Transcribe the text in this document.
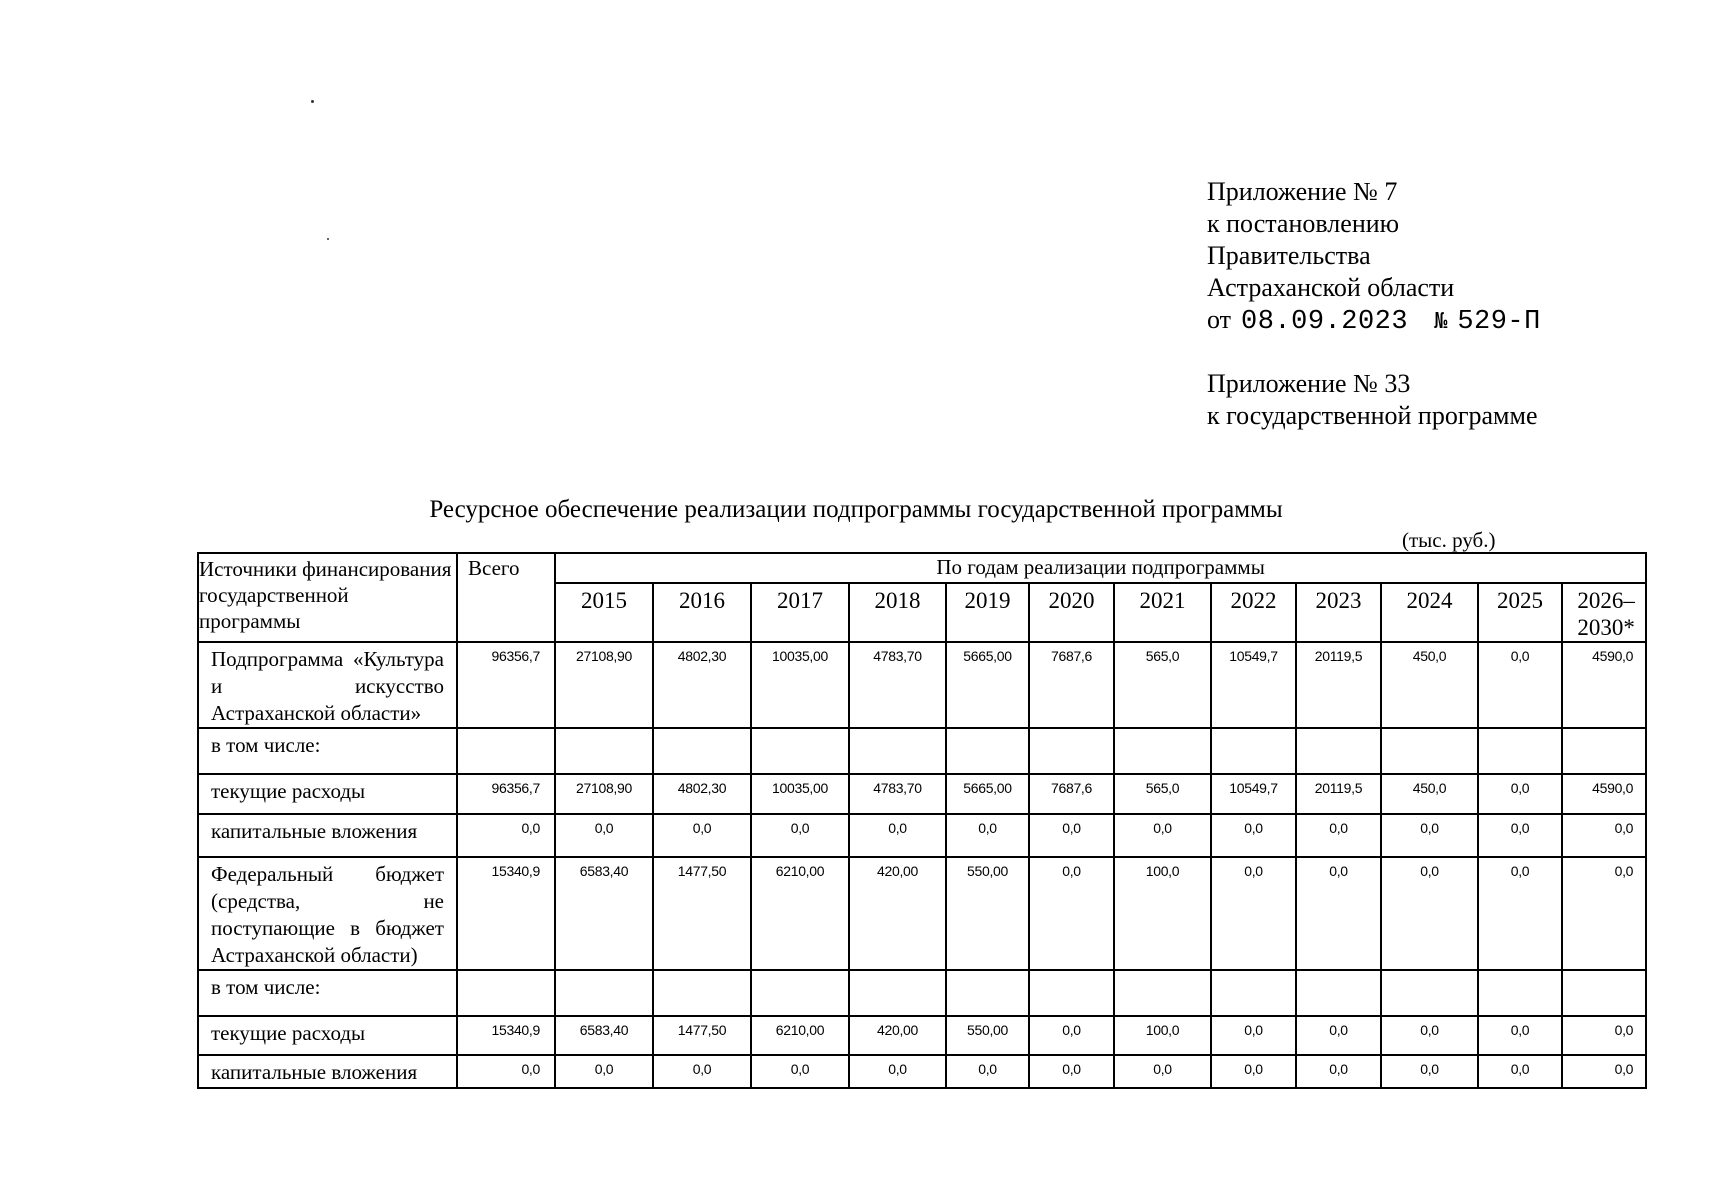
Приложение № 7
к постановлению
Правительства
Астраханской области
от 08.09.2023 № 529-П
Приложение № 33
к государственной программе
Ресурсное обеспечение реализации подпрограммы государственной программы
(тыс. руб.)
Источники финансирования государственной программы	Всего	По годам реализации подпрограммы											
		2015	2016	2017	2018	2019	2020	2021	2022	2023	2024	2025	2026–2030*
Подпрограмма «Культура и искусство Астраханской области»	96356,7	27108,90	4802,30	10035,00	4783,70	5665,00	7687,6	565,0	10549,7	20119,5	450,0	0,0	4590,0
в том числе:													
текущие расходы	96356,7	27108,90	4802,30	10035,00	4783,70	5665,00	7687,6	565,0	10549,7	20119,5	450,0	0,0	4590,0
капитальные вложения	0,0	0,0	0,0	0,0	0,0	0,0	0,0	0,0	0,0	0,0	0,0	0,0	0,0
Федеральный бюджет (средства, не поступающие в бюджет Астраханской области)	15340,9	6583,40	1477,50	6210,00	420,00	550,00	0,0	100,0	0,0	0,0	0,0	0,0	0,0
в том числе:													
текущие расходы	15340,9	6583,40	1477,50	6210,00	420,00	550,00	0,0	100,0	0,0	0,0	0,0	0,0	0,0
капитальные вложения	0,0	0,0	0,0	0,0	0,0	0,0	0,0	0,0	0,0	0,0	0,0	0,0	0,0
